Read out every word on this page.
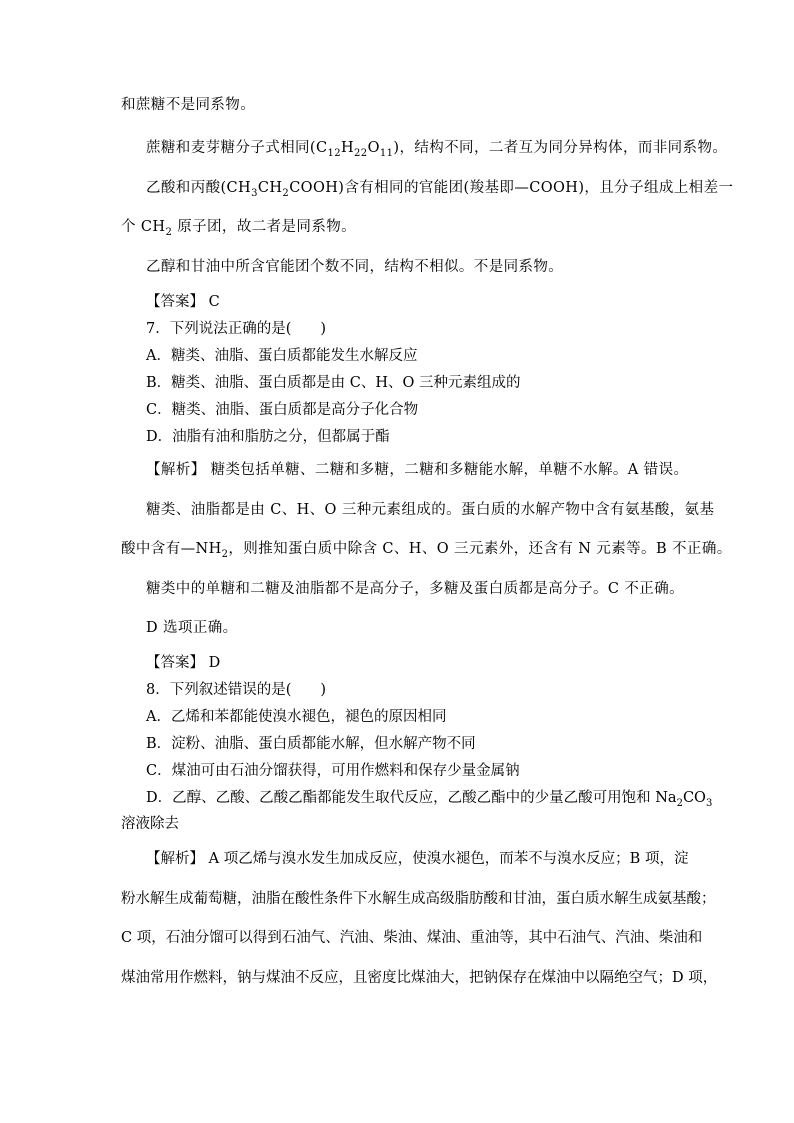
和蔗糖不是同系物。
蔗糖和麦芽糖分子式相同$(C_{12}H_{22}O_{11})$，结构不同，二者互为同分异构体，而非同系物。
乙酸和丙酸$(CH_3CH_2COOH)$含有相同的官能团(羧基即—COOH)，且分子组成上相差一
个 $CH_2$ 原子团，故二者是同系物。
乙醇和甘油中所含官能团个数不同，结构不相似。不是同系物。
【答案】 C
7．下列说法正确的是(　　)
A．糖类、油脂、蛋白质都能发生水解反应
B．糖类、油脂、蛋白质都是由 C、H、O 三种元素组成的
C．糖类、油脂、蛋白质都是高分子化合物
D．油脂有油和脂肪之分，但都属于酯
【解析】 糖类包括单糖、二糖和多糖，二糖和多糖能水解，单糖不水解。A 错误。
糖类、油脂都是由 C、H、O 三种元素组成的。蛋白质的水解产物中含有氨基酸，氨基
酸中含有$—NH_2$，则推知蛋白质中除含 C、H、O 三元素外，还含有 N 元素等。B 不正确。
糖类中的单糖和二糖及油脂都不是高分子，多糖及蛋白质都是高分子。C 不正确。
D 选项正确。
【答案】 D
8．下列叙述错误的是(　　)
A．乙烯和苯都能使溴水褪色，褪色的原因相同
B．淀粉、油脂、蛋白质都能水解，但水解产物不同
C．煤油可由石油分馏获得，可用作燃料和保存少量金属钠
D．乙醇、乙酸、乙酸乙酯都能发生取代反应，乙酸乙酯中的少量乙酸可用饱和 $Na_2CO_3$
溶液除去
【解析】 A 项乙烯与溴水发生加成反应，使溴水褪色，而苯不与溴水反应；B 项，淀
粉水解生成葡萄糖，油脂在酸性条件下水解生成高级脂肪酸和甘油，蛋白质水解生成氨基酸；
C 项，石油分馏可以得到石油气、汽油、柴油、煤油、重油等，其中石油气、汽油、柴油和
煤油常用作燃料，钠与煤油不反应，且密度比煤油大，把钠保存在煤油中以隔绝空气；D 项，
